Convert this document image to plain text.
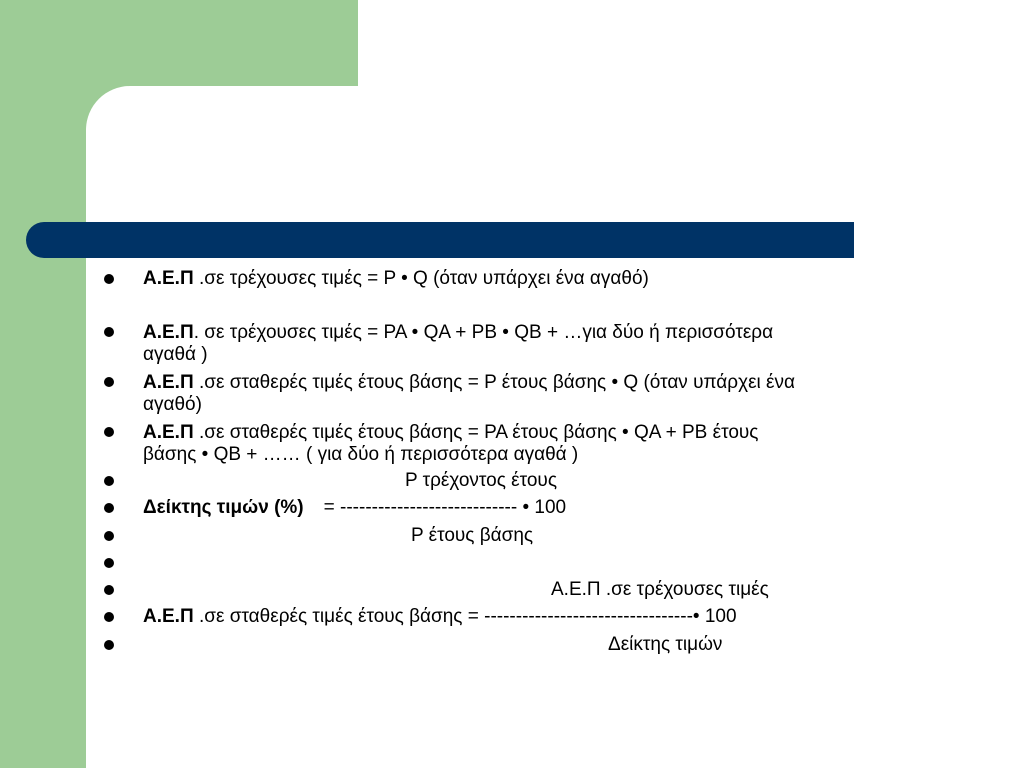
Α.Ε.Π .σε τρέχουσες τιμές = P • Q (όταν υπάρχει ένα αγαθό)
Α.Ε.Π. σε τρέχουσες τιμές = PA • QA + PB • QB + …για δύο ή περισσότερα
αγαθά )
Α.Ε.Π .σε σταθερές τιμές έτους βάσης = P έτους βάσης • Q (όταν υπάρχει ένα
αγαθό)
Α.Ε.Π .σε σταθερές τιμές έτους βάσης = PA έτους βάσης • QA + PB έτους
βάσης • QB + …… ( για δύο ή περισσότερα αγαθά )
P τρέχοντος έτους
Δείκτης τιμών (%) = ---------------------------- • 100
P έτους βάσης
Α.Ε.Π .σε τρέχουσες τιμές
Α.Ε.Π .σε σταθερές τιμές έτους βάσης = ---------------------------------• 100
Δείκτης τιμών
